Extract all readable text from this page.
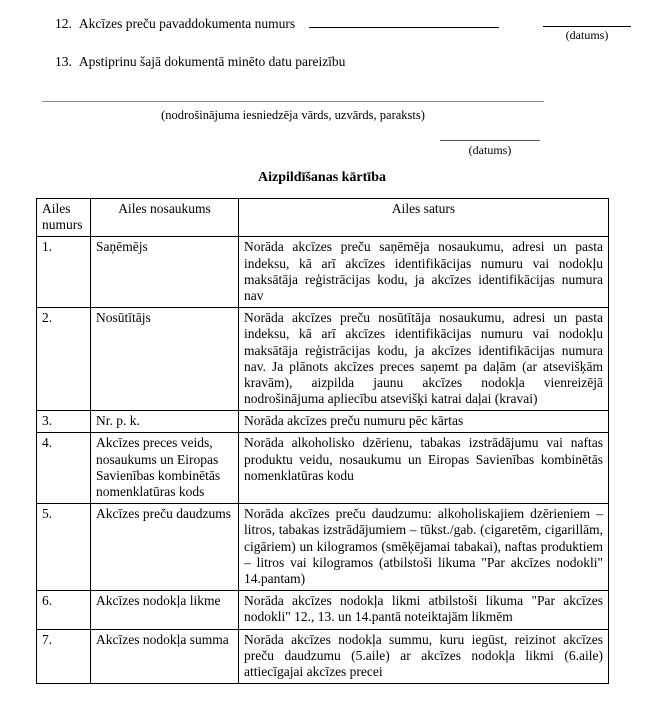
12. Akcīzes preču pavaddokumenta numurs
(datums)
13. Apstiprinu šajā dokumentā minēto datu pareizību
(nodrošinājuma iesniedzēja vārds, uzvārds, paraksts)
(datums)
Aizpildīšanas kārtība
Ailes numurs	Ailes nosaukums	Ailes saturs
1.	Saņēmējs	Norāda akcīzes preču saņēmēja nosaukumu, adresi un pasta indeksu, kā arī akcīzes identifikācijas numuru vai nodokļu maksātāja reģistrācijas kodu, ja akcīzes identifikācijas numura nav
2.	Nosūtītājs	Norāda akcīzes preču nosūtītāja nosaukumu, adresi un pasta indeksu, kā arī akcīzes identifikācijas numuru vai nodokļu maksātāja reģistrācijas kodu, ja akcīzes identifikācijas numura nav. Ja plānots akcīzes preces saņemt pa daļām (ar atsevišķām kravām), aizpilda jaunu akcīzes nodokļa vienreizējā nodrošinājuma apliecību atsevišķi katrai daļai (kravai)
3.	Nr. p. k.	Norāda akcīzes preču numuru pēc kārtas
4.	Akcīzes preces veids, nosaukums un Eiropas Savienības kombinētās nomenklatūras kods	Norāda alkoholisko dzērienu, tabakas izstrādājumu vai naftas produktu veidu, nosaukumu un Eiropas Savienības kombinētās nomenklatūras kodu
5.	Akcīzes preču daudzums	Norāda akcīzes preču daudzumu: alkoholiskajiem dzērieniem – litros, tabakas izstrādājumiem – tūkst./gab. (cigaretēm, cigarillām, cigāriem) un kilogramos (smēķējamai tabakai), naftas produktiem – litros vai kilogramos (atbilstoši likuma "Par akcīzes nodokli" 14.pantam)
6.	Akcīzes nodokļa likme	Norāda akcīzes nodokļa likmi atbilstoši likuma "Par akcīzes nodokli" 12., 13. un 14.pantā noteiktajām likmēm
7.	Akcīzes nodokļa summa	Norāda akcīzes nodokļa summu, kuru iegūst, reizinot akcīzes preču daudzumu (5.aile) ar akcīzes nodokļa likmi (6.aile) attiecīgajai akcīzes precei
